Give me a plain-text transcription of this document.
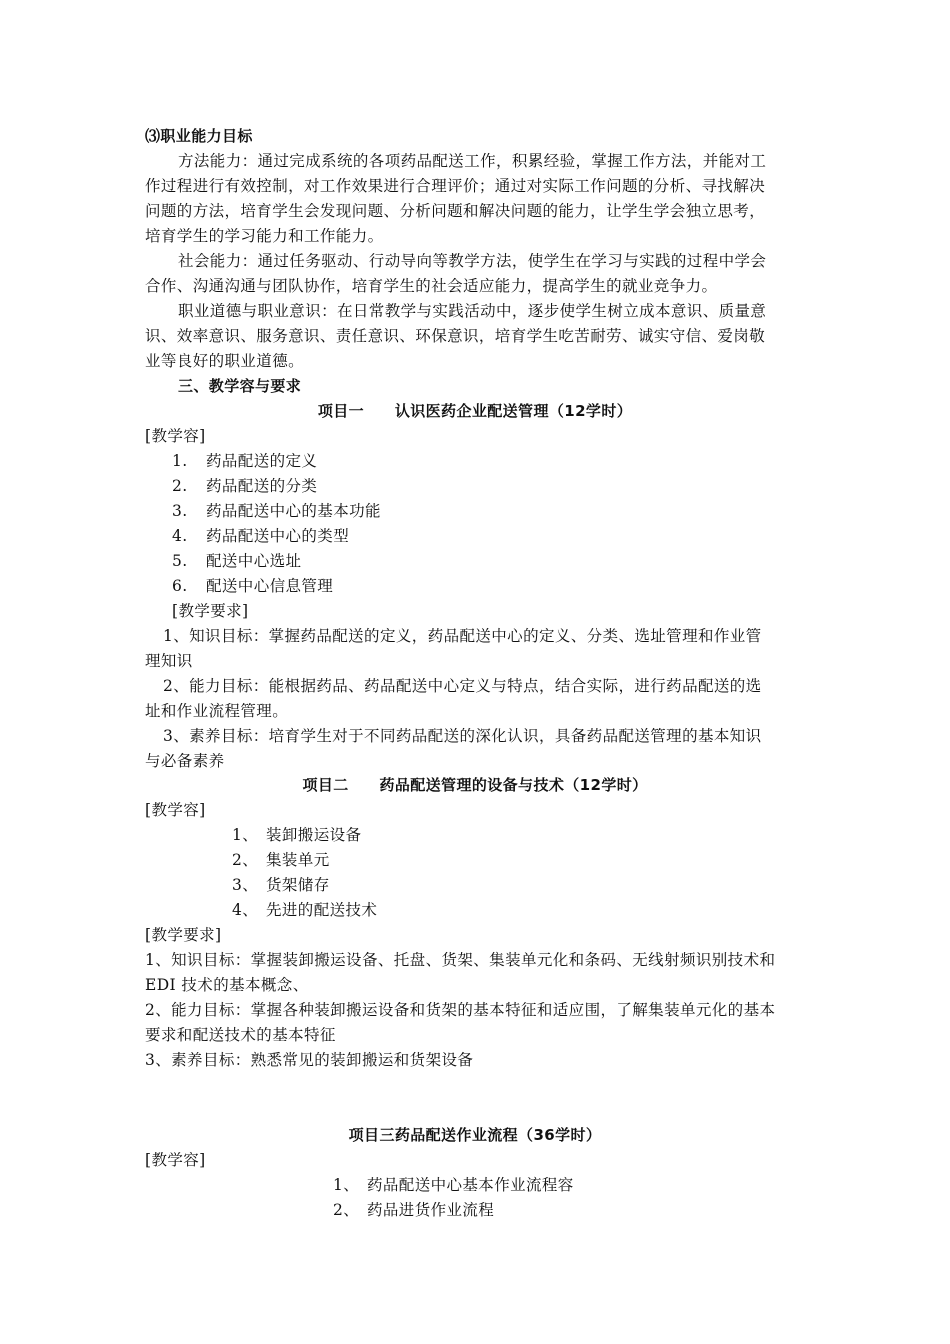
⑶职业能力目标
方法能力：通过完成系统的各项药品配送工作，积累经验，掌握工作方法，并能对工
作过程进行有效控制，对工作效果进行合理评价；通过对实际工作问题的分析、寻找解决
问题的方法，培育学生会发现问题、分析问题和解决问题的能力，让学生学会独立思考，
培育学生的学习能力和工作能力。
社会能力：通过任务驱动、行动导向等教学方法，使学生在学习与实践的过程中学会
合作、沟通沟通与团队协作，培育学生的社会适应能力，提高学生的就业竞争力。
职业道德与职业意识：在日常教学与实践活动中，逐步使学生树立成本意识、质量意
识、效率意识、服务意识、责任意识、环保意识，培育学生吃苦耐劳、诚实守信、爱岗敬
业等良好的职业道德。
三、教学容与要求
项目一　　认识医药企业配送管理（12学时）
[教学容]
1. 药品配送的定义
2. 药品配送的分类
3. 药品配送中心的基本功能
4. 药品配送中心的类型
5. 配送中心选址
6. 配送中心信息管理
[教学要求]
1、知识目标：掌握药品配送的定义，药品配送中心的定义、分类、选址管理和作业管
理知识
2、能力目标：能根据药品、药品配送中心定义与特点，结合实际，进行药品配送的选
址和作业流程管理。
3、素养目标：培育学生对于不同药品配送的深化认识，具备药品配送管理的基本知识
与必备素养
项目二　　药品配送管理的设备与技术（12学时）
[教学容]
1、 装卸搬运设备
2、 集装单元
3、 货架储存
4、 先进的配送技术
[教学要求]
1、知识目标：掌握装卸搬运设备、托盘、货架、集装单元化和条码、无线射频识别技术和
EDI 技术的基本概念、
2、能力目标：掌握各种装卸搬运设备和货架的基本特征和适应围，了解集装单元化的基本
要求和配送技术的基本特征
3、素养目标：熟悉常见的装卸搬运和货架设备
项目三药品配送作业流程（36学时）
[教学容]
1、 药品配送中心基本作业流程容
2、 药品进货作业流程
